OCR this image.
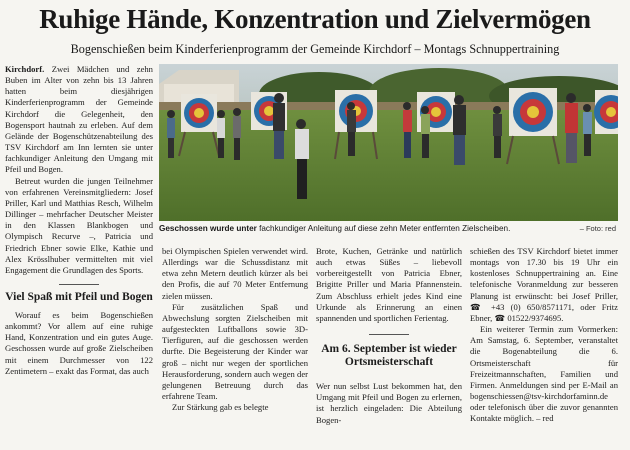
Ruhige Hände, Konzentration und Zielvermögen
Bogenschießen beim Kinderferienprogramm der Gemeinde Kirchdorf – Montags Schnuppertraining

Kirchdorf. Zwei Mädchen und zehn Buben im Alter von zehn bis 13 Jahren hatten beim diesjährigen Kinderferienprogramm der Gemeinde Kirchdorf die Gelegenheit, den Bogensport hautnah zu erleben. Auf dem Gelände der Bogenschützenabteilung des TSV Kirchdorf am Inn lernten sie unter fachkundiger Anleitung den Umgang mit Pfeil und Bogen.

Betreut wurden die jungen Teilnehmer von erfahrenen Vereinsmitgliedern: Josef Priller, Karl und Matthias Resch, Wilhelm Dillinger – mehrfacher Deutscher Meister in den Klassen Blankbogen und Olympisch Recurve –, Patricia und Friedrich Ebner sowie Elke, Kathie und Alex Krösslhuber vermittelten mit viel Engagement die Grundlagen des Sports.

Viel Spaß mit Pfeil und Bogen

Worauf es beim Bogenschießen ankommt? Vor allem auf eine ruhige Hand, Konzentration und ein gutes Auge. Geschossen wurde auf große Zielscheiben mit einem Durchmesser von 122 Zentimetern – exakt das Format, das auch

Geschossen wurde unter fachkundiger Anleitung auf diese zehn Meter entfernten Zielscheiben.	– Foto: red

bei Olympischen Spielen verwendet wird. Allerdings war die Schussdistanz mit etwa zehn Metern deutlich kürzer als bei den Profis, die auf 70 Meter Entfernung zielen müssen.

Für zusätzlichen Spaß und Abwechslung sorgten Zielscheiben mit aufgesteckten Luftballons sowie 3D-Tierfiguren, auf die geschossen werden durfte. Die Begeisterung der Kinder war groß – nicht nur wegen der sportlichen Herausforderung, sondern auch wegen der gelungenen Betreuung durch das erfahrene Team.

Zur Stärkung gab es belegte

Brote, Kuchen, Getränke und natürlich auch etwas Süßes – liebevoll vorbereitgestellt von Patricia Ebner, Brigitte Priller und Maria Pfannenstein. Zum Abschluss erhielt jedes Kind eine Urkunde als Erinnerung an einen spannenden und sportlichen Ferientag.

Am 6. September ist wieder Ortsmeisterschaft

Wer nun selbst Lust bekommen hat, den Umgang mit Pfeil und Bogen zu erlernen, ist herzlich eingeladen: Die Abteilung Bogen-

schießen des TSV Kirchdorf bietet immer montags von 17.30 bis 19 Uhr ein kostenloses Schnuppertraining an. Eine telefonische Voranmeldung zur besseren Planung ist erwünscht: bei Josef Priller, ☎ +43 (0) 650/8571171, oder Fritz Ebner, ☎ 01522/9374695.

Ein weiterer Termin zum Vormerken: Am Samstag, 6. September, veranstaltet die Bogenabteilung die 6. Ortsmeisterschaft für Freizeitmannschaften, Familien und Firmen. Anmeldungen sind per E-Mail an bogenschiessen@tsv-kirchdorfaminn.de oder telefonisch über die zuvor genannten Kontakte möglich. – red
